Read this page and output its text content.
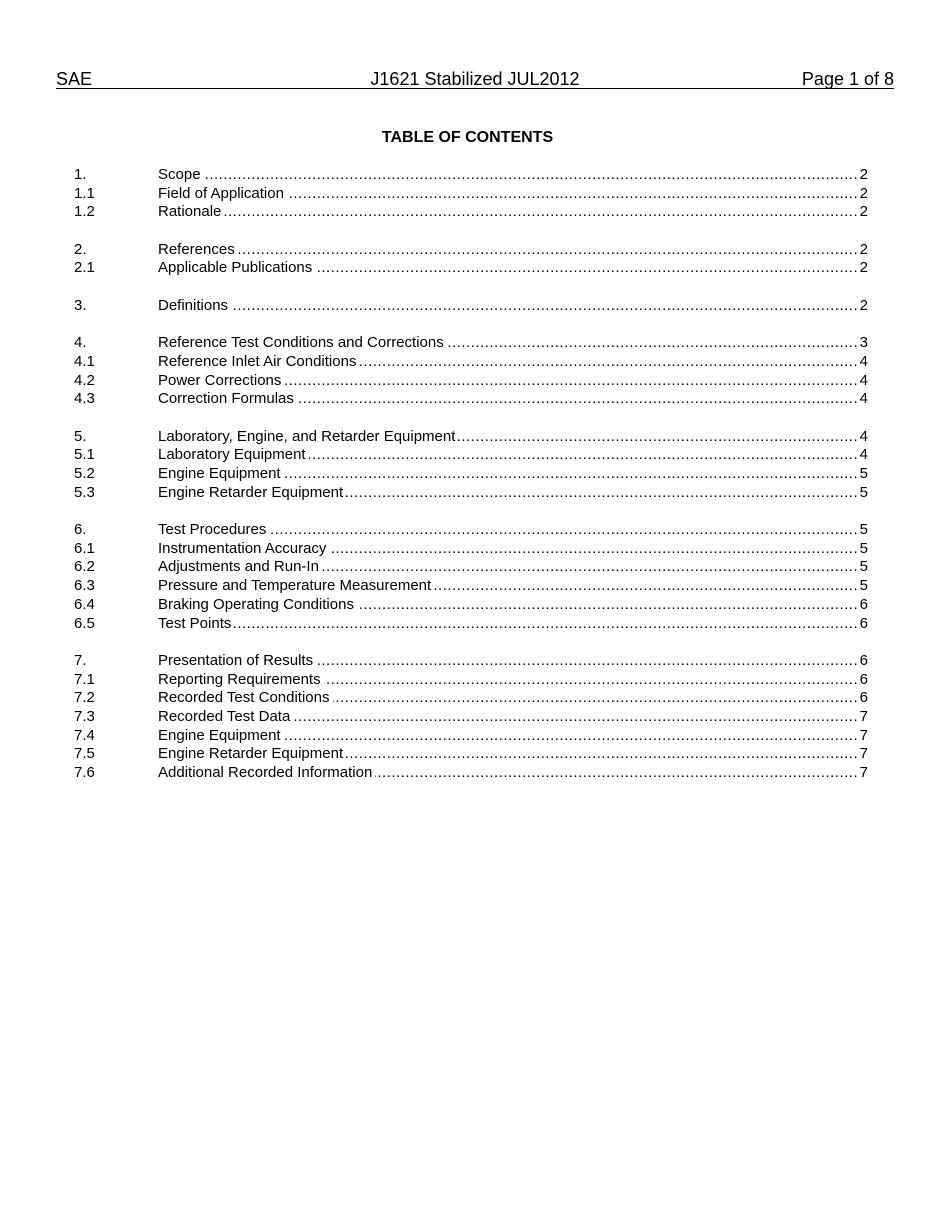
SAE	J1621 Stabilized JUL2012	Page 1 of 8
TABLE OF CONTENTS
1.	Scope .....	2
1.1	Field of Application .....	2
1.2	Rationale .....	2
2.	References .....	2
2.1	Applicable Publications .....	2
3.	Definitions .....	2
4.	Reference Test Conditions and Corrections .....	3
4.1	Reference Inlet Air Conditions .....	4
4.2	Power Corrections .....	4
4.3	Correction Formulas .....	4
5.	Laboratory, Engine, and Retarder Equipment .....	4
5.1	Laboratory Equipment .....	4
5.2	Engine Equipment .....	5
5.3	Engine Retarder Equipment .....	5
6.	Test Procedures .....	5
6.1	Instrumentation Accuracy .....	5
6.2	Adjustments and Run-In .....	5
6.3	Pressure and Temperature Measurement .....	5
6.4	Braking Operating Conditions .....	6
6.5	Test Points .....	6
7.	Presentation of Results .....	6
7.1	Reporting Requirements .....	6
7.2	Recorded Test Conditions .....	6
7.3	Recorded Test Data .....	7
7.4	Engine Equipment .....	7
7.5	Engine Retarder Equipment .....	7
7.6	Additional Recorded Information .....	7
